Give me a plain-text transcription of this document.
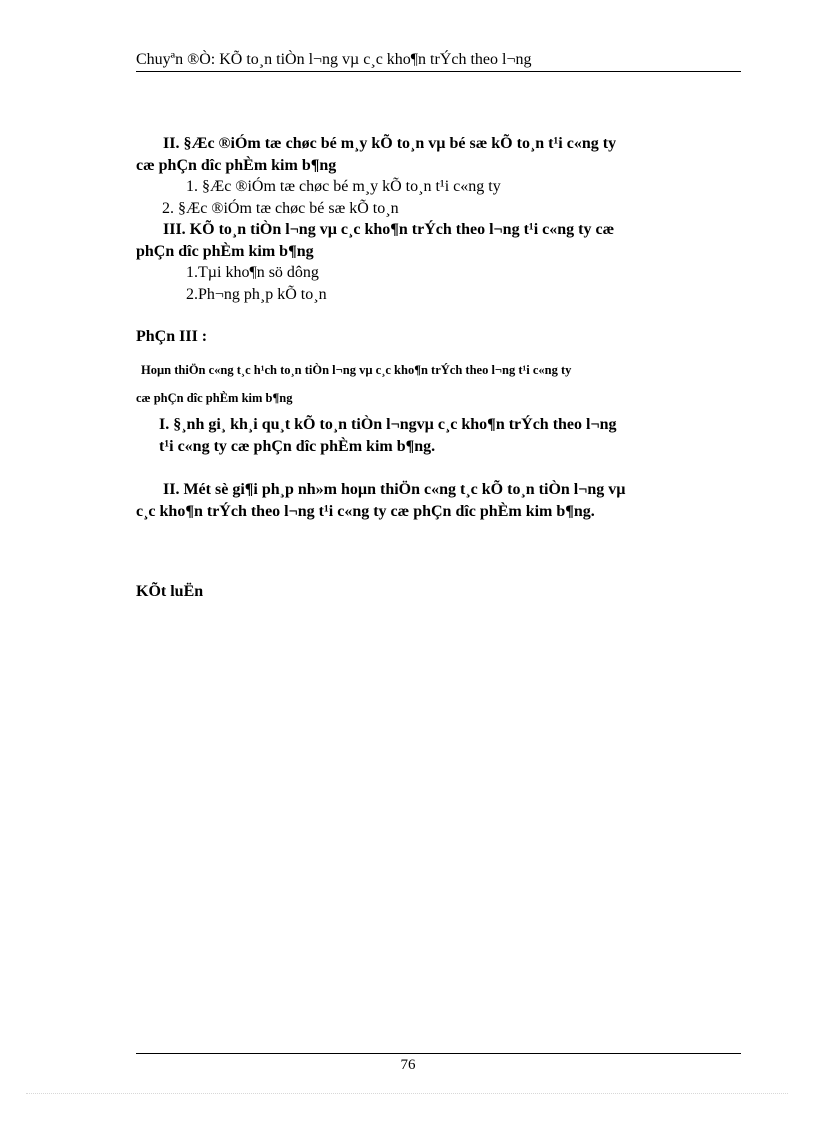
Chuyªn ®Ò: KÕ to¸n tiÒn l¬ng vµ c¸c kho¶n trÝch theo l¬ng
II. §Æc ®iÓm tæ chøc bé m¸y kÕ to¸n vµ bé sæ kÕ to¸n t¹i c«ng ty
cæ phÇn dîc phÈm kim b¶ng
1. §Æc ®iÓm tæ chøc bé m¸y kÕ to¸n t¹i c«ng ty
2. §Æc ®iÓm tæ chøc bé sæ kÕ to¸n
III. KÕ to¸n tiÒn l¬ng vµ c¸c kho¶n trÝch theo l¬ng t¹i c«ng ty cæ
phÇn dîc phÈm kim b¶ng
1.Tµi kho¶n sö dông
2.Ph¬ng ph¸p kÕ to¸n
PhÇn III :
Hoµn thiÖn c«ng t¸c h¹ch to¸n tiÒn l¬ng vµ c¸c kho¶n trÝch theo l¬ng t¹i c«ng ty
cæ phÇn dîc phÈm kim b¶ng
I. §¸nh gi¸ kh¸i qu¸t kÕ to¸n tiÒn l¬ngvµ c¸c kho¶n trÝch theo l¬ng
t¹i c«ng ty cæ phÇn dîc phÈm kim b¶ng.
II. Mét sè gi¶i ph¸p nh»m hoµn thiÖn c«ng t¸c kÕ to¸n tiÒn l¬ng vµ
c¸c kho¶n trÝch theo l¬ng t¹i c«ng ty cæ phÇn dîc phÈm kim b¶ng.
KÕt luËn
76
